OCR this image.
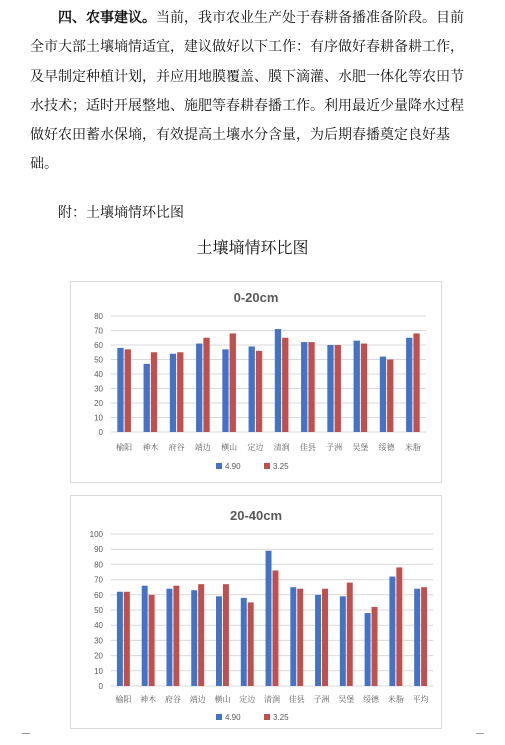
四、农事建议。当前，我市农业生产处于春耕备播准备阶段。目前全市大部土壤墒情适宜，建议做好以下工作：有序做好春耕备耕工作，及早制定种植计划，并应用地膜覆盖、膜下滴灌、水肥一体化等农田节水技术；适时开展整地、施肥等春耕春播工作。利用最近少量降水过程做好农田蓄水保墒，有效提高土壤水分含量，为后期春播奠定良好基础。

附：土壤墒情环比图
土壤墒情环比图
0-20cm
0
10
20
30
40
50
60
70
80
榆阳 神木 府谷 靖边 横山 定边 清涧 佳县 子洲 吴堡 绥德 米脂
4.90	3.25
20-40cm
0
10
20
30
40
50
60
70
80
90
100
榆阳 神木 府谷 靖边 横山 定边 清涧 佳县 子洲 吴堡 绥德 米脂 平均
4.90	3.25
